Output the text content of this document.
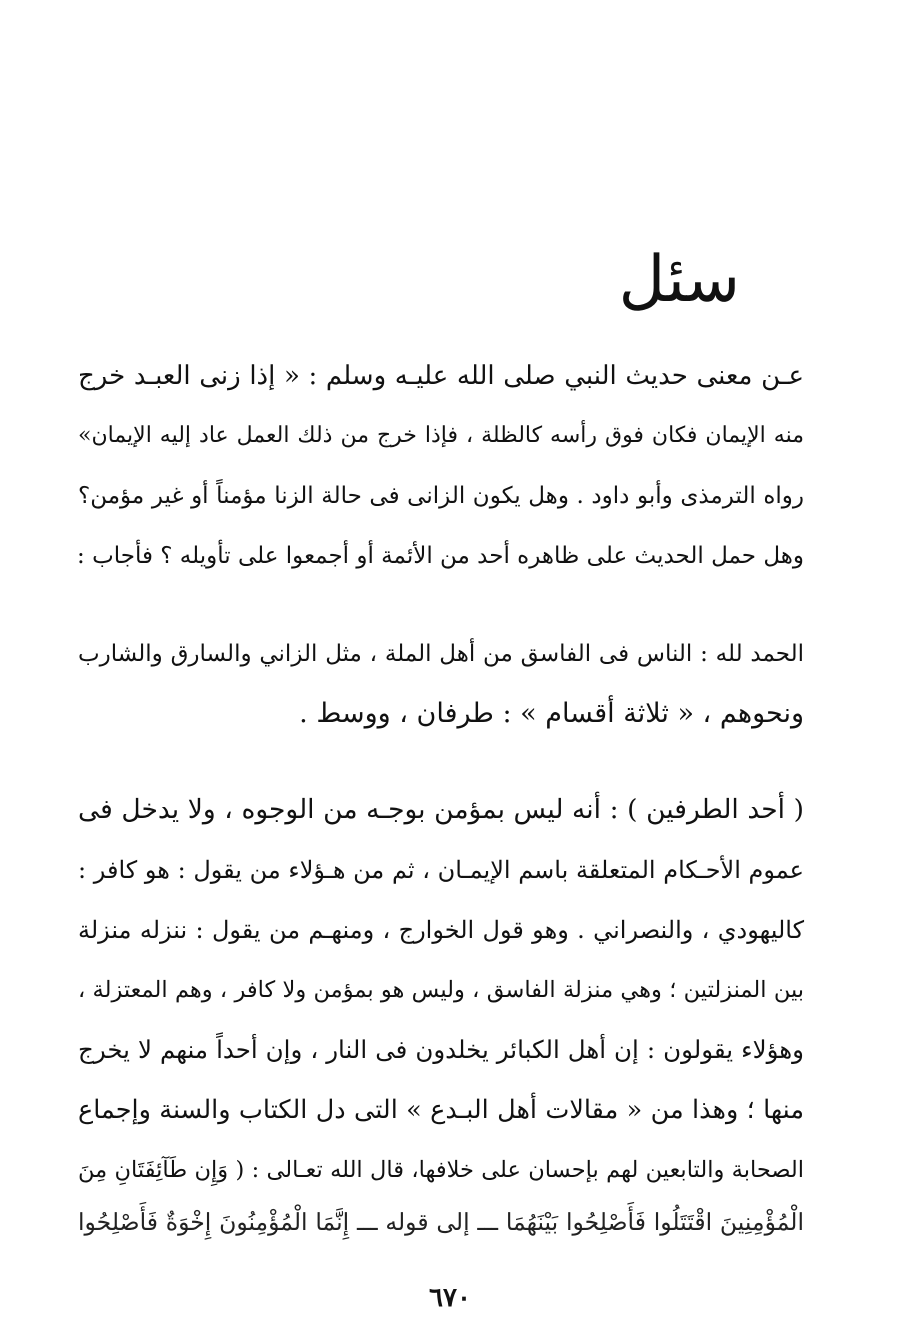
سئل
عـن معنى حديث النبي صلى الله عليـه وسلم : « إذا زنى العبـد خرج
منه الإيمان فكان فوق رأسه كالظلة ، فإذا خرج من ذلك العمل عاد إليه الإيمان»
رواه الترمذى وأبو داود . وهل يكون الزانى فى حالة الزنا مؤمناً أو غير مؤمن؟
وهل حمل الحديث على ظاهره أحد من الأئمة أو أجمعوا على تأويله ؟ فأجاب :
الحمد لله : الناس فى الفاسق من أهل الملة ، مثل الزاني والسارق والشارب
ونحوهم ، « ثلاثة أقسام » : طرفان ، ووسط .
( أحد الطرفين ) : أنه ليس بمؤمن بوجـه من الوجوه ، ولا يدخل فى
عموم الأحـكام المتعلقة باسم الإيمـان ، ثم من هـؤلاء من يقول : هو كافر :
كاليهودي ، والنصراني . وهو قول الخوارج ، ومنهـم من يقول : ننزله منزلة
بين المنزلتين ؛ وهي منزلة الفاسق ، وليس هو بمؤمن ولا كافر ، وهم المعتزلة ،
وهؤلاء يقولون : إن أهل الكبائر يخلدون فى النار ، وإن أحداً منهم لا يخرج
منها ؛ وهذا من « مقالات أهل البـدع » التى دل الكتاب والسنة وإجماع
الصحابة والتابعين لهم بإحسان على خلافها، قال الله تعـالى : ( وَإِن طَآئِفَتَانِ مِنَ
الْمُؤْمِنِينَ اقْتَتَلُوا فَأَصْلِحُوا بَيْنَهُمَا ـــ إلى قوله ـــ إِنَّمَا الْمُؤْمِنُونَ إِخْوَةٌ فَأَصْلِحُوا
٦٧٠
